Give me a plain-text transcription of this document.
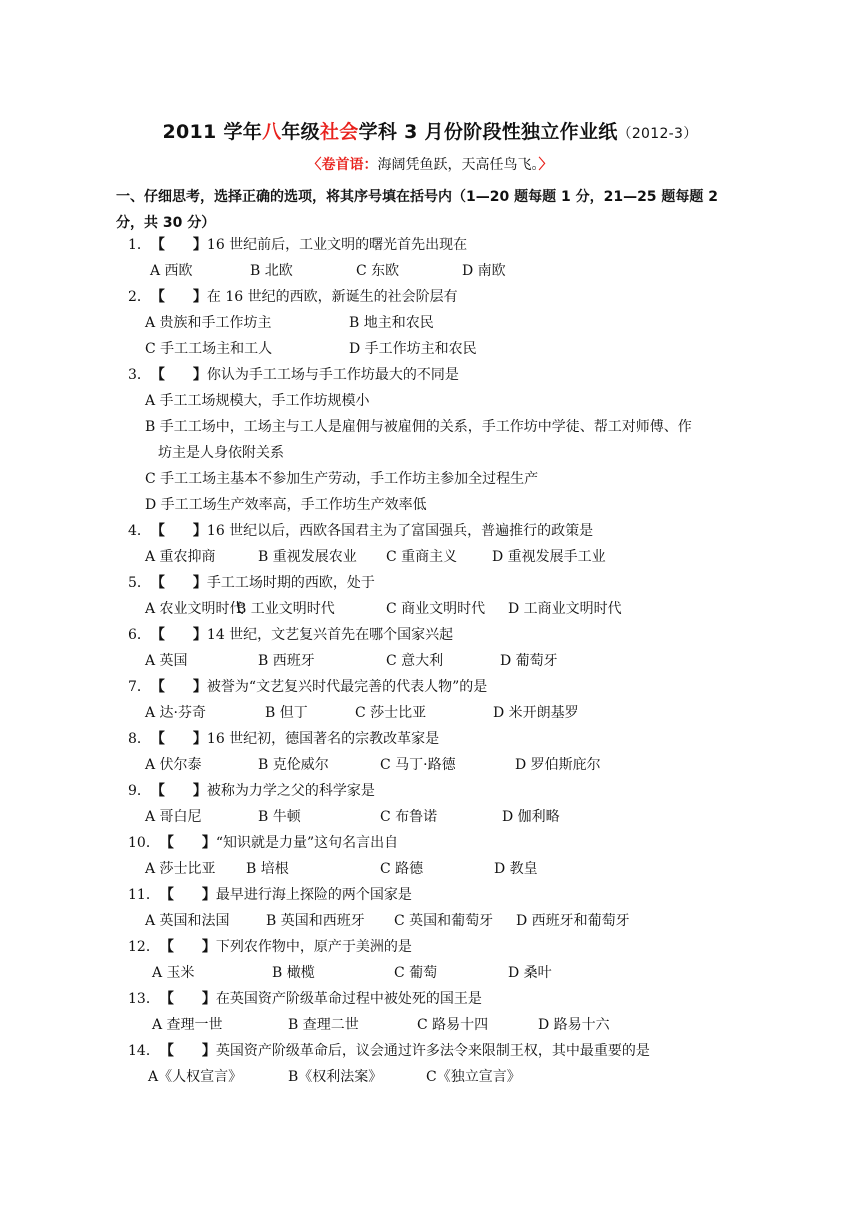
2011 学年八年级社会学科 3 月份阶段性独立作业纸（2012-3）
〈卷首语：海阔凭鱼跃，天高任鸟飞。〉
一、仔细思考，选择正确的选项，将其序号填在括号内（1—20 题每题 1 分，21—25 题每题 2 分，共 30 分）
1．【　　】16 世纪前后，工业文明的曙光首先出现在
A 西欧	B 北欧	C 东欧	D 南欧
2．【　　】在 16 世纪的西欧，新诞生的社会阶层有
A 贵族和手工作坊主	B 地主和农民
C 手工工场主和工人	D 手工作坊主和农民
3．【　　】你认为手工工场与手工作坊最大的不同是
A 手工工场规模大，手工作坊规模小
B 手工工场中，工场主与工人是雇佣与被雇佣的关系，手工作坊中学徒、帮工对师傅、作
坊主是人身依附关系
C 手工工场主基本不参加生产劳动，手工作坊主参加全过程生产
D 手工工场生产效率高，手工作坊生产效率低
4．【　　】16 世纪以后，西欧各国君主为了富国强兵，普遍推行的政策是
A 重农抑商	B 重视发展农业 C 重商主义 D 重视发展手工业
5．【　　】手工工场时期的西欧，处于
A 农业文明时代
B 工业文明时代	C 商业文明时代 D 工商业文明时代
6．【　　】14 世纪，文艺复兴首先在哪个国家兴起
A 英国	B 西班牙	C 意大利	D 葡萄牙
7．【　　】被誉为“文艺复兴时代最完善的代表人物”的是
A 达·芬奇	B 但丁	C 莎士比亚	D 米开朗基罗
8．【　　】16 世纪初，德国著名的宗教改革家是
A 伏尔泰	B 克伦威尔	C 马丁·路德	D 罗伯斯庇尔
9．【　　】被称为力学之父的科学家是
A 哥白尼	B 牛顿	C 布鲁诺	D 伽利略
10．【　　】“知识就是力量”这句名言出自
A 莎士比亚 B 培根	C 路德	D 教皇
11．【　　】最早进行海上探险的两个国家是
A 英国和法国	B 英国和西班牙 C 英国和葡萄牙 D 西班牙和葡萄牙
12．【　　】下列农作物中，原产于美洲的是
A 玉米	B 橄榄	C 葡萄	D 桑叶
13．【　　】在英国资产阶级革命过程中被处死的国王是
A 查理一世	B 查理二世	C 路易十四	D 路易十六
14．【　　】英国资产阶级革命后，议会通过许多法令来限制王权，其中最重要的是
A《人权宣言》	B《权利法案》	C《独立宣言》
